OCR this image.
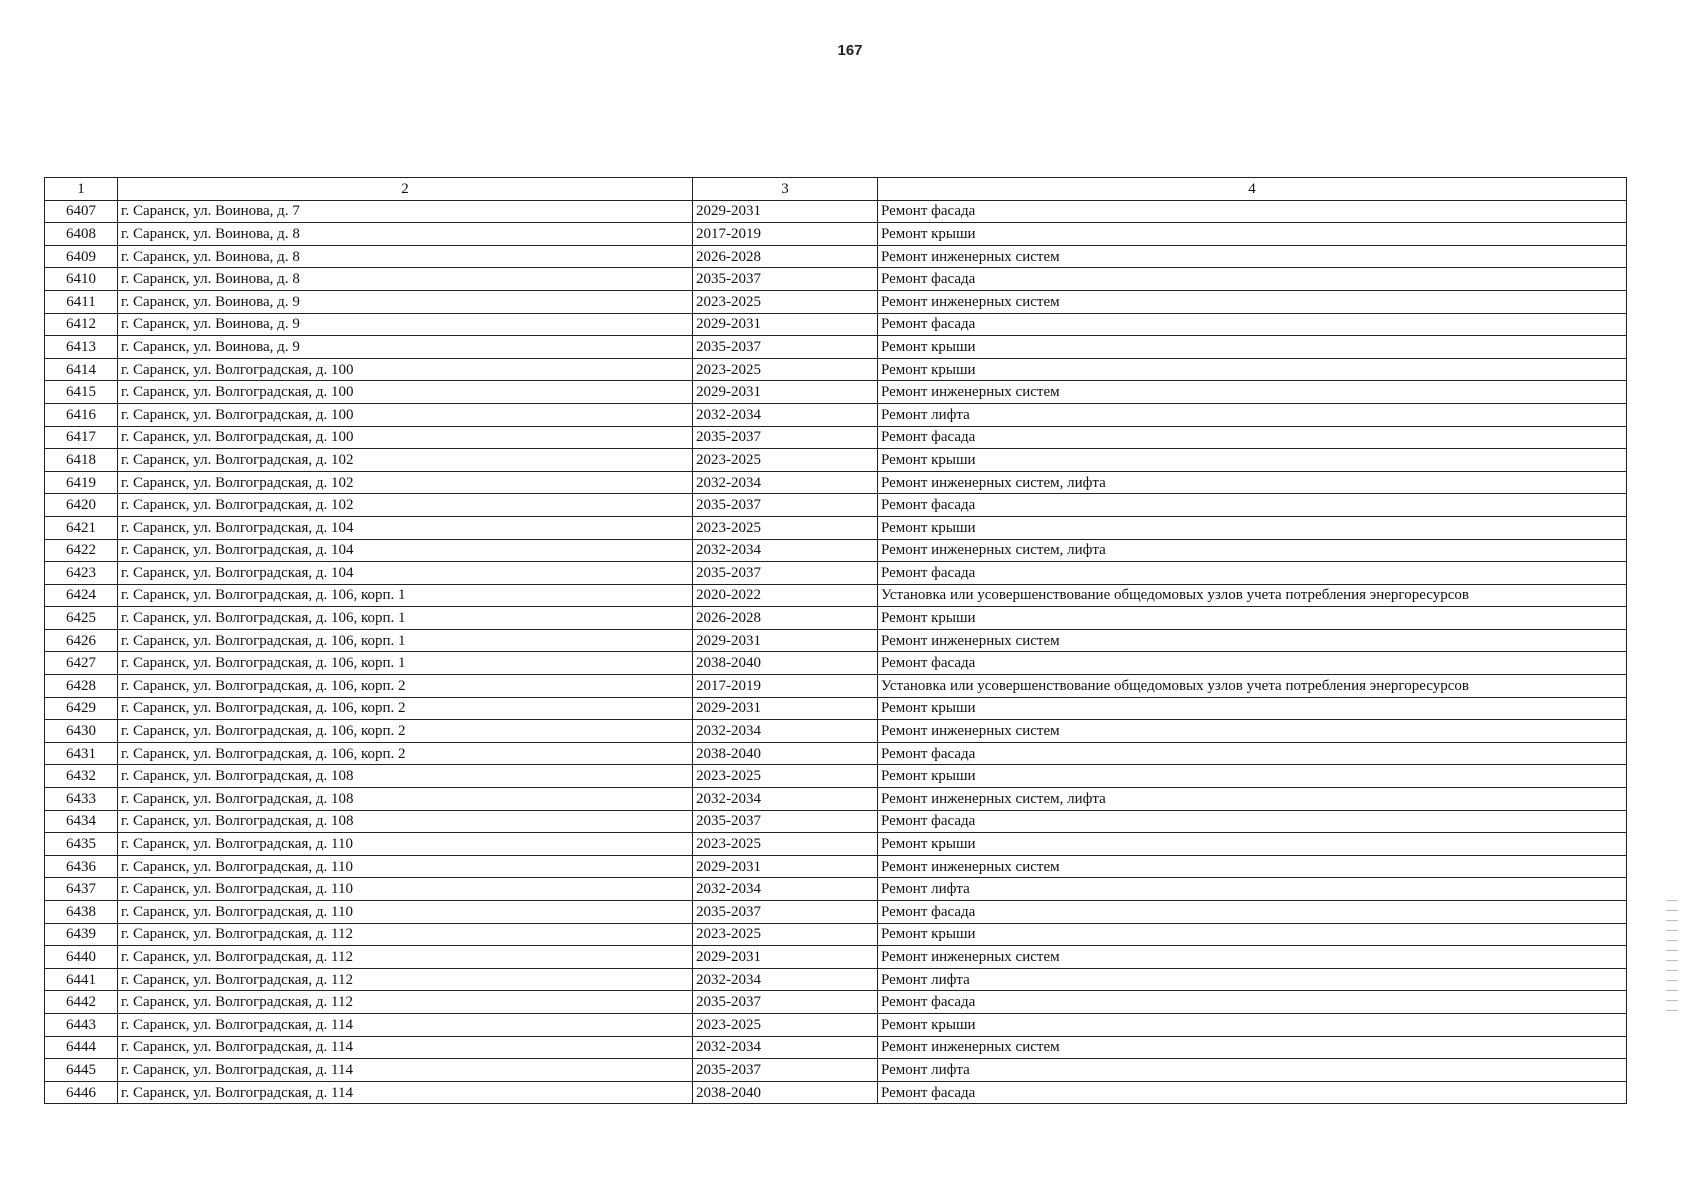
167
1	2	3	4
6407	г. Саранск, ул. Воинова, д. 7	2029-2031	Ремонт фасада
6408	г. Саранск, ул. Воинова, д. 8	2017-2019	Ремонт крыши
6409	г. Саранск, ул. Воинова, д. 8	2026-2028	Ремонт инженерных систем
6410	г. Саранск, ул. Воинова, д. 8	2035-2037	Ремонт фасада
6411	г. Саранск, ул. Воинова, д. 9	2023-2025	Ремонт инженерных систем
6412	г. Саранск, ул. Воинова, д. 9	2029-2031	Ремонт фасада
6413	г. Саранск, ул. Воинова, д. 9	2035-2037	Ремонт крыши
6414	г. Саранск, ул. Волгоградская, д. 100	2023-2025	Ремонт крыши
6415	г. Саранск, ул. Волгоградская, д. 100	2029-2031	Ремонт инженерных систем
6416	г. Саранск, ул. Волгоградская, д. 100	2032-2034	Ремонт лифта
6417	г. Саранск, ул. Волгоградская, д. 100	2035-2037	Ремонт фасада
6418	г. Саранск, ул. Волгоградская, д. 102	2023-2025	Ремонт крыши
6419	г. Саранск, ул. Волгоградская, д. 102	2032-2034	Ремонт инженерных систем, лифта
6420	г. Саранск, ул. Волгоградская, д. 102	2035-2037	Ремонт фасада
6421	г. Саранск, ул. Волгоградская, д. 104	2023-2025	Ремонт крыши
6422	г. Саранск, ул. Волгоградская, д. 104	2032-2034	Ремонт инженерных систем, лифта
6423	г. Саранск, ул. Волгоградская, д. 104	2035-2037	Ремонт фасада
6424	г. Саранск, ул. Волгоградская, д. 106, корп. 1	2020-2022	Установка или усовершенствование общедомовых узлов учета потребления энергоресурсов
6425	г. Саранск, ул. Волгоградская, д. 106, корп. 1	2026-2028	Ремонт крыши
6426	г. Саранск, ул. Волгоградская, д. 106, корп. 1	2029-2031	Ремонт инженерных систем
6427	г. Саранск, ул. Волгоградская, д. 106, корп. 1	2038-2040	Ремонт фасада
6428	г. Саранск, ул. Волгоградская, д. 106, корп. 2	2017-2019	Установка или усовершенствование общедомовых узлов учета потребления энергоресурсов
6429	г. Саранск, ул. Волгоградская, д. 106, корп. 2	2029-2031	Ремонт крыши
6430	г. Саранск, ул. Волгоградская, д. 106, корп. 2	2032-2034	Ремонт инженерных систем
6431	г. Саранск, ул. Волгоградская, д. 106, корп. 2	2038-2040	Ремонт фасада
6432	г. Саранск, ул. Волгоградская, д. 108	2023-2025	Ремонт крыши
6433	г. Саранск, ул. Волгоградская, д. 108	2032-2034	Ремонт инженерных систем, лифта
6434	г. Саранск, ул. Волгоградская, д. 108	2035-2037	Ремонт фасада
6435	г. Саранск, ул. Волгоградская, д. 110	2023-2025	Ремонт крыши
6436	г. Саранск, ул. Волгоградская, д. 110	2029-2031	Ремонт инженерных систем
6437	г. Саранск, ул. Волгоградская, д. 110	2032-2034	Ремонт лифта
6438	г. Саранск, ул. Волгоградская, д. 110	2035-2037	Ремонт фасада
6439	г. Саранск, ул. Волгоградская, д. 112	2023-2025	Ремонт крыши
6440	г. Саранск, ул. Волгоградская, д. 112	2029-2031	Ремонт инженерных систем
6441	г. Саранск, ул. Волгоградская, д. 112	2032-2034	Ремонт лифта
6442	г. Саранск, ул. Волгоградская, д. 112	2035-2037	Ремонт фасада
6443	г. Саранск, ул. Волгоградская, д. 114	2023-2025	Ремонт крыши
6444	г. Саранск, ул. Волгоградская, д. 114	2032-2034	Ремонт инженерных систем
6445	г. Саранск, ул. Волгоградская, д. 114	2035-2037	Ремонт лифта
6446	г. Саранск, ул. Волгоградская, д. 114	2038-2040	Ремонт фасада
